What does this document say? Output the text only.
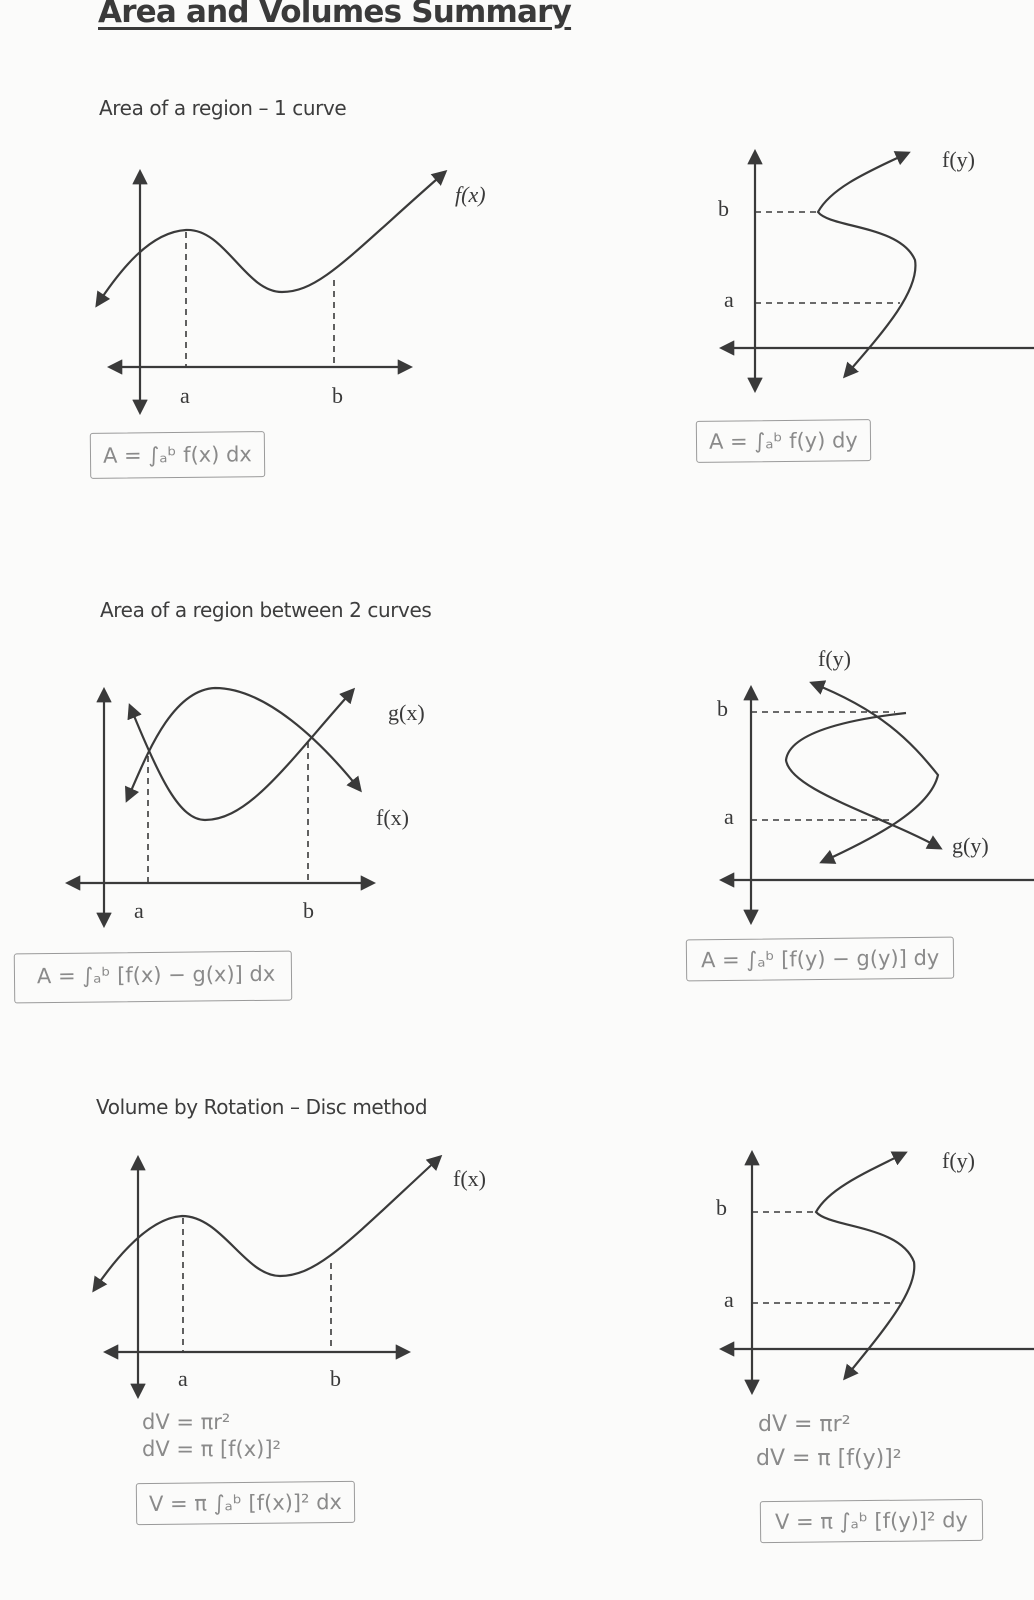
Area and Volumes Summary
Area of a region – 1 curve
f(x)
a	b
A = ∫ₐᵇ f(x) dx
f(y)
b
a
A = ∫ₐᵇ f(y) dy
Area of a region between 2 curves
g(x)
f(x)
a	b
A = ∫ₐᵇ [f(x) − g(x)] dx
f(y)
g(y)
b
a
A = ∫ₐᵇ [f(y) − g(y)] dy
Volume by Rotation – Disc method
f(x)
a	b
dV = πr²
dV = π [f(x)]²
V = π ∫ₐᵇ [f(x)]² dx
f(y)
b
a
dV = πr²
dV = π [f(y)]²
V = π ∫ₐᵇ [f(y)]² dy
